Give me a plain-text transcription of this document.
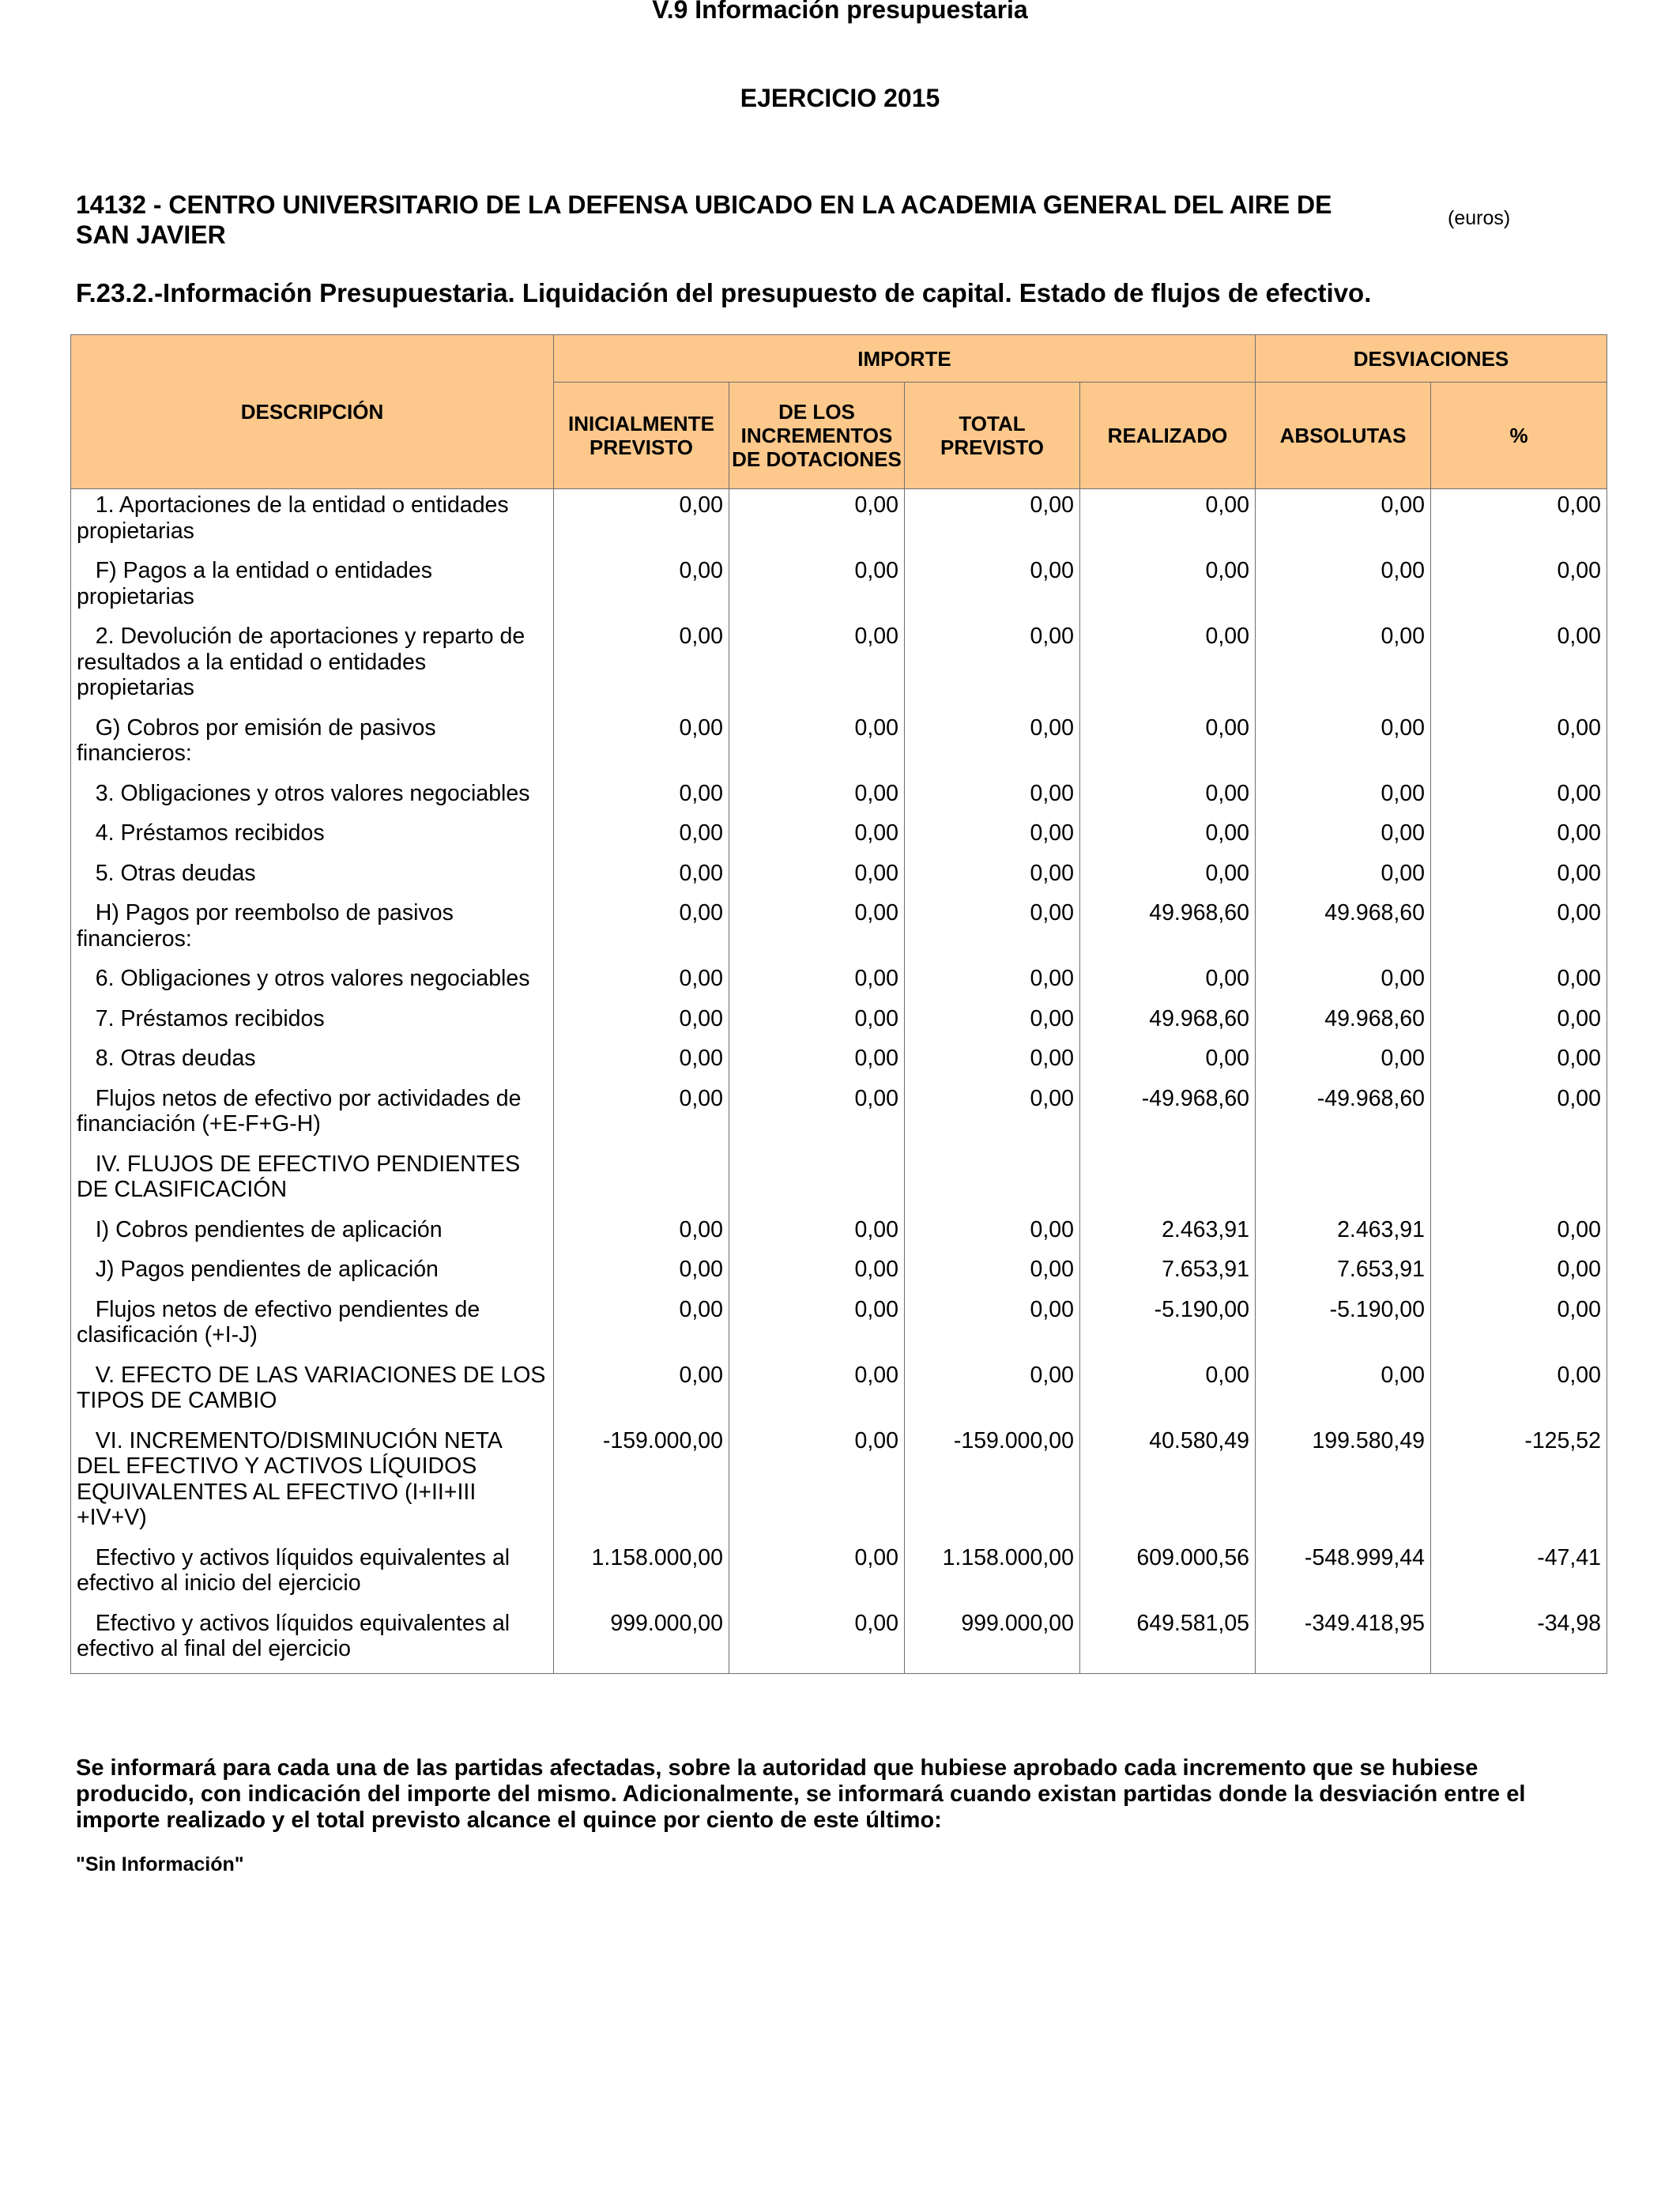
V.9 Información presupuestaria
EJERCICIO 2015
14132 - CENTRO UNIVERSITARIO DE LA DEFENSA UBICADO EN LA ACADEMIA GENERAL DEL AIRE DE SAN JAVIER
(euros)
F.23.2.-Información Presupuestaria. Liquidación del presupuesto de capital. Estado de flujos de efectivo.
DESCRIPCIÓN	IMPORTE				DESVIACIONES	
	INICIALMENTE PREVISTO	DE LOS INCREMENTOS DE DOTACIONES	TOTAL PREVISTO	REALIZADO	ABSOLUTAS	%
1. Aportaciones de la entidad o entidades propietarias	0,00	0,00	0,00	0,00	0,00	0,00
F) Pagos a la entidad o entidades propietarias	0,00	0,00	0,00	0,00	0,00	0,00
2. Devolución de aportaciones y reparto de resultados a la entidad o entidades propietarias	0,00	0,00	0,00	0,00	0,00	0,00
G) Cobros por emisión de pasivos financieros:	0,00	0,00	0,00	0,00	0,00	0,00
3. Obligaciones y otros valores negociables	0,00	0,00	0,00	0,00	0,00	0,00
4. Préstamos recibidos	0,00	0,00	0,00	0,00	0,00	0,00
5. Otras deudas	0,00	0,00	0,00	0,00	0,00	0,00
H) Pagos por reembolso de pasivos financieros:	0,00	0,00	0,00	49.968,60	49.968,60	0,00
6. Obligaciones y otros valores negociables	0,00	0,00	0,00	0,00	0,00	0,00
7. Préstamos recibidos	0,00	0,00	0,00	49.968,60	49.968,60	0,00
8. Otras deudas	0,00	0,00	0,00	0,00	0,00	0,00
Flujos netos de efectivo por actividades de financiación (+E-F+G-H)	0,00	0,00	0,00	-49.968,60	-49.968,60	0,00
IV. FLUJOS DE EFECTIVO PENDIENTES DE CLASIFICACIÓN						
I) Cobros pendientes de aplicación	0,00	0,00	0,00	2.463,91	2.463,91	0,00
J) Pagos pendientes de aplicación	0,00	0,00	0,00	7.653,91	7.653,91	0,00
Flujos netos de efectivo pendientes de clasificación (+I-J)	0,00	0,00	0,00	-5.190,00	-5.190,00	0,00
V. EFECTO DE LAS VARIACIONES DE LOS TIPOS DE CAMBIO	0,00	0,00	0,00	0,00	0,00	0,00
VI. INCREMENTO/DISMINUCIÓN NETA DEL EFECTIVO Y ACTIVOS LÍQUIDOS EQUIVALENTES AL EFECTIVO (I+II+III +IV+V)	-159.000,00	0,00	-159.000,00	40.580,49	199.580,49	-125,52
Efectivo y activos líquidos equivalentes al efectivo al inicio del ejercicio	1.158.000,00	0,00	1.158.000,00	609.000,56	-548.999,44	-47,41
Efectivo y activos líquidos equivalentes al efectivo al final del ejercicio	999.000,00	0,00	999.000,00	649.581,05	-349.418,95	-34,98
Se informará para cada una de las partidas afectadas, sobre la autoridad que hubiese aprobado cada incremento que se hubiese producido, con indicación del importe del mismo. Adicionalmente, se informará cuando existan partidas donde la desviación entre el importe realizado y el total previsto alcance el quince por ciento de este último:
"Sin Información"
